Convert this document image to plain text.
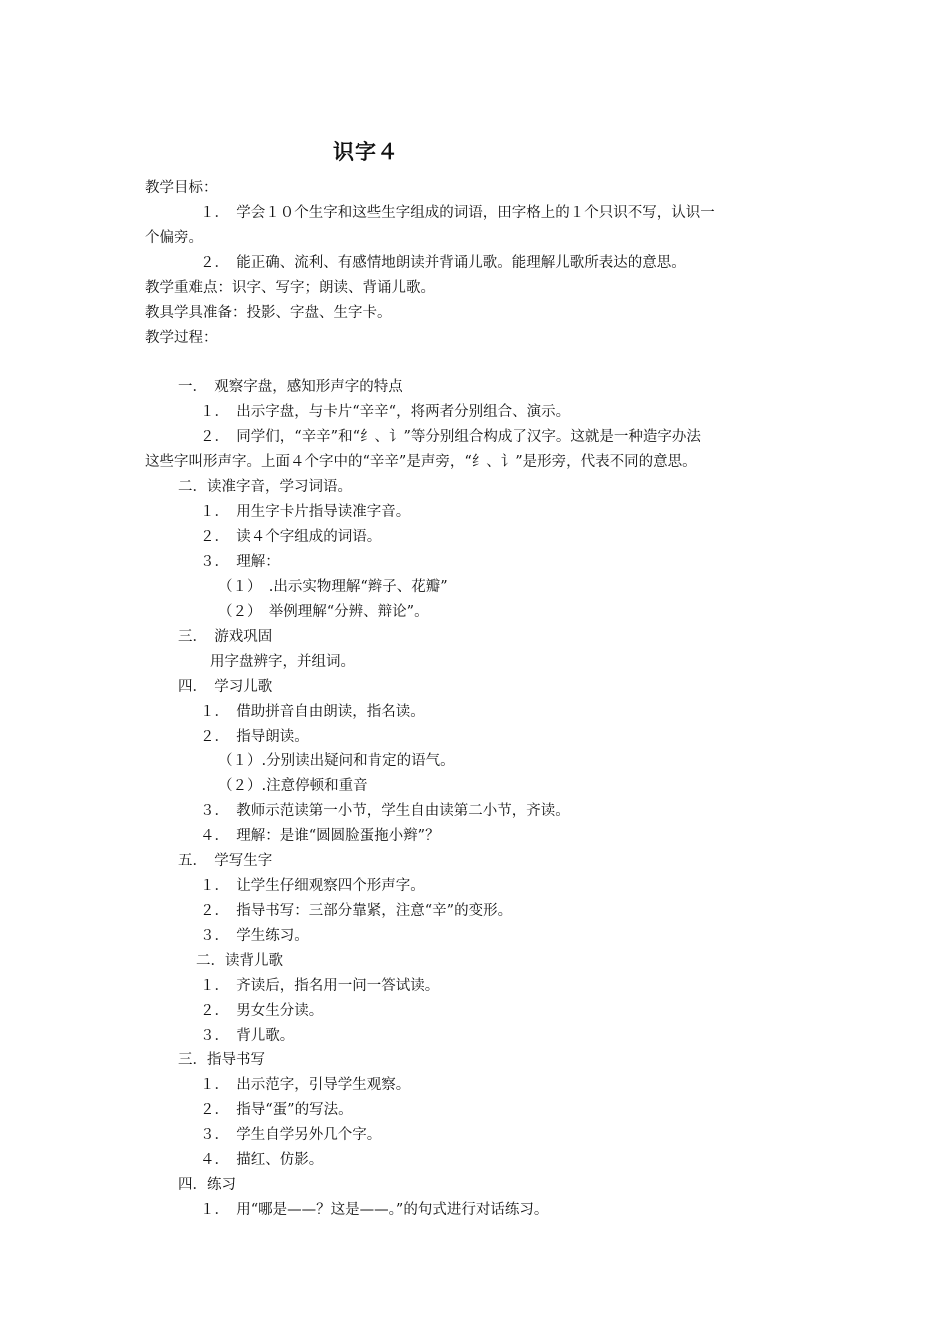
识字４
教学目标：
１．　学会１０个生字和这些生字组成的词语，田字格上的１个只识不写，认识一
个偏旁。
２．　能正确、流利、有感情地朗读并背诵儿歌。能理解儿歌所表达的意思。
教学重难点：识字、写字；朗读、背诵儿歌。
教具学具准备：投影、字盘、生字卡。
教学过程：
一．　观察字盘，感知形声字的特点
１．　出示字盘，与卡片“辛辛“，将两者分别组合、演示。
２．　同学们，“辛辛”和“纟、讠”等分别组合构成了汉字。这就是一种造字办法
这些字叫形声字。上面４个字中的“辛辛”是声旁，“纟、讠”是形旁，代表不同的意思。
二．读准字音，学习词语。
１．　用生字卡片指导读准字音。
２．　读４个字组成的词语。
３．　理解：
（１）　.出示实物理解“辫子、花瓣”
（２）　举例理解“分辨、辩论”。
三．　游戏巩固
用字盘辨字，并组词。
四．　学习儿歌
１．　借助拼音自由朗读，指名读。
２．　指导朗读。
（１）.分别读出疑问和肯定的语气。
（２）.注意停顿和重音
３．　教师示范读第一小节，学生自由读第二小节，齐读。
４．　理解：是谁“圆圆脸蛋拖小辫”？
五．　学写生字
１．　让学生仔细观察四个形声字。
２．　指导书写：三部分靠紧，注意“辛”的变形。
３．　学生练习。
二．读背儿歌
１．　齐读后，指名用一问一答试读。
２．　男女生分读。
３．　背儿歌。
三．指导书写
１．　出示范字，引导学生观察。
２．　指导“蛋”的写法。
３．　学生自学另外几个字。
４．　描红、仿影。
四．练习
１．　用“哪是——？这是——。”的句式进行对话练习。
